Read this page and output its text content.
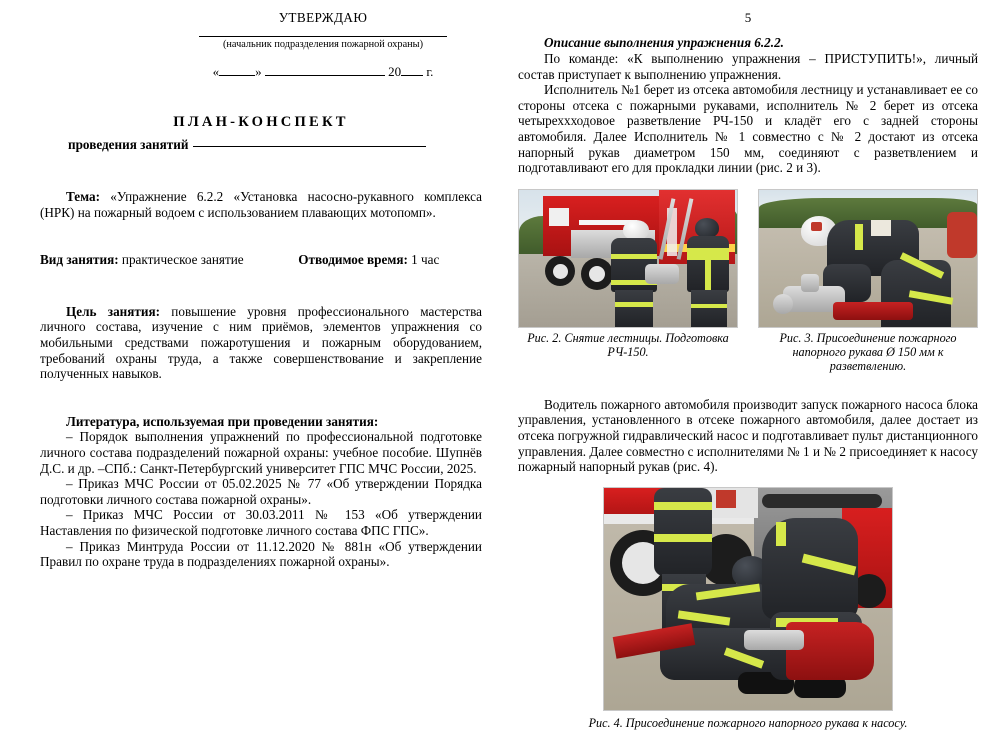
УТВЕРЖДАЮ
(начальник подразделения пожарной охраны)
«	»	20 г.
ПЛАН-КОНСПЕКТ
проведения занятий

Тема: «Упражнение 6.2.2 «Установка насосно-рукавного комплекса (НРК) на пожарный водоем с использованием плавающих мотопомп».

Вид занятия: практическое занятие	Отводимое время: 1 час

Цель занятия: повышение уровня профессионального мастерства личного состава, изучение с ним приёмов, элементов упражнения со мобильными средствами пожаротушения и пожарным оборудованием, требований охраны труда, а также совершенствование и закрепление полученных навыков.

Литература, используемая при проведении занятия:

– Порядок выполнения упражнений по профессиональной подготовке личного состава подразделений пожарной охраны: учебное пособие. Шупнёв Д.С. и др. –СПб.: Санкт-Петербургский университет ГПС МЧС России, 2025.

– Приказ МЧС России от 05.02.2025 № 77 «Об утверждении Порядка подготовки личного состава пожарной охраны».

– Приказ МЧС России от 30.03.2011 № 153 «Об утверждении Наставления по физической подготовке личного состава ФПС ГПС».

– Приказ Минтруда России от 11.12.2020 № 881н «Об утверждении Правил по охране труда в подразделениях пожарной охраны».

5

Описание выполнения упражнения 6.2.2.

По команде: «К выполнению упражнения – ПРИСТУПИТЬ!», личный состав приступает к выполнению упражнения.

Исполнитель №1 берет из отсека автомобиля лестницу и устанавливает ее со стороны отсека с пожарными рукавами, исполнитель № 2 берет из отсека четыреххходовое разветвление РЧ-150 и кладёт его с задней стороны автомобиля. Далее Исполнитель № 1 совместно с № 2 достают из отсека напорный рукав диаметром 150 мм, соединяют с разветвлением и подготавливают его для прокладки линии (рис. 2 и 3).

Рис. 2. Снятие лестницы. Подготовка РЧ-150.
Рис. 3. Присоединение пожарного напорного рукава Ø 150 мм к разветвлению.

Водитель пожарного автомобиля производит запуск пожарного насоса блока управления, установленного в отсеке пожарного автомобиля, далее достает из отсека погружной гидравлический насос и подготавливает пульт дистанционного управления. Далее совместно с исполнителями № 1 и № 2 присоединяет к насосу пожарный напорный рукав (рис. 4).

Рис. 4. Присоединение пожарного напорного рукава к насосу.
